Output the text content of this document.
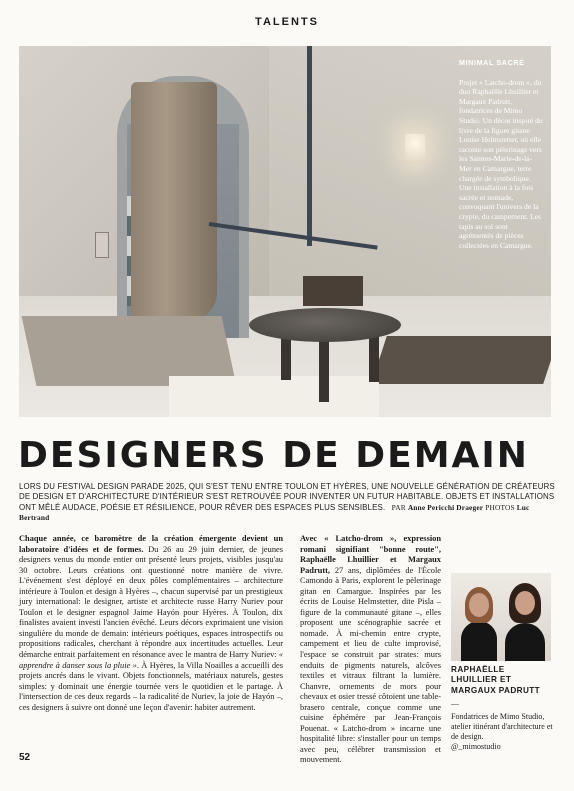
TALENTS
MINIMAL SACRÉ
Projet « Latcho-drom », du duo Raphaëlle Lhuillier et Margaux Padrutt, fondatrices de Mimo Studio. Un décor inspiré du livre de la figure gitane Louise Helmstetter, où elle raconte son pèlerinage vers les Saintes-Marie-de-la-Mer en Camargue, terre chargée de symbolique. Une installation à la fois sacrée et nomade, convoquant l'univers de la crypte, du campement. Les tapis au sol sont agrémentés de pièces collectées en Camargue.
DESIGNERS DE DEMAIN
LORS DU FESTIVAL DESIGN PARADE 2025, QUI S'EST TENU ENTRE TOULON ET HYÈRES, UNE NOUVELLE GÉNÉRATION DE CRÉATEURS DE DESIGN ET D'ARCHITECTURE D'INTÉRIEUR S'EST RETROUVÉE POUR INVENTER UN FUTUR HABITABLE. OBJETS ET INSTALLATIONS ONT MÊLÉ AUDACE, POÉSIE ET RÉSILIENCE, POUR RÊVER DES ESPACES PLUS SENSIBLES. PAR Anne Pericchi Draeger PHOTOS Luc Bertrand
Chaque année, ce baromètre de la création émergente devient un laboratoire d'idées et de formes. Du 26 au 29 juin dernier, de jeunes designers venus du monde entier ont présenté leurs projets, visibles jusqu'au 30 octobre. Leurs créations ont questionné notre manière de vivre. L'événement s'est déployé en deux pôles complémentaires – architecture intérieure à Toulon et design à Hyères –, chacun supervisé par un prestigieux jury international: le designer, artiste et architecte russe Harry Nuriev pour Toulon et le designer espagnol Jaime Hayón pour Hyères. À Toulon, dix finalistes avaient investi l'ancien évêché. Leurs décors exprimaient une vision singulière du monde de demain: intérieurs poétiques, espaces introspectifs ou propositions radicales, cherchant à répondre aux incertitudes actuelles. Leur démarche entrait parfaitement en résonance avec le mantra de Harry Nuriev: « apprendre à danser sous la pluie ». À Hyères, la Villa Noailles a accueilli des projets ancrés dans le vivant. Objets fonctionnels, matériaux naturels, gestes simples: y dominait une énergie tournée vers le quotidien et le partage. À l'intersection de ces deux regards – la radicalité de Nuriev, la joie de Hayón –, ces designers à suivre ont donné une leçon d'avenir: habiter autrement.
Avec « Latcho-drom », expression romani signifiant "bonne route", Raphaëlle Lhuillier et Margaux Padrutt, 27 ans, diplômées de l'École Camondo à Paris, explorent le pèlerinage gitan en Camargue. Inspirées par les écrits de Louise Helmstetter, dite Pisla – figure de la communauté gitane –, elles proposent une scénographie sacrée et nomade. À mi-chemin entre crypte, campement et lieu de culte improvisé, l'espace se construit par strates: murs enduits de pigments naturels, alcôves textiles et vitraux filtrant la lumière. Chanvre, ornements de mors pour chevaux et osier tressé côtoient une table-brasero centrale, conçue comme une cuisine éphémère par Jean-François Pouenat. « Latcho-drom » incarne une hospitalité libre: s'installer pour un temps avec peu, célébrer transmission et mouvement.
RAPHAËLLE LHUILLIER ET MARGAUX PADRUTT
—
Fondatrices de Mimo Studio, atelier itinérant d'architecture et de design.
@_mimostudio
52
